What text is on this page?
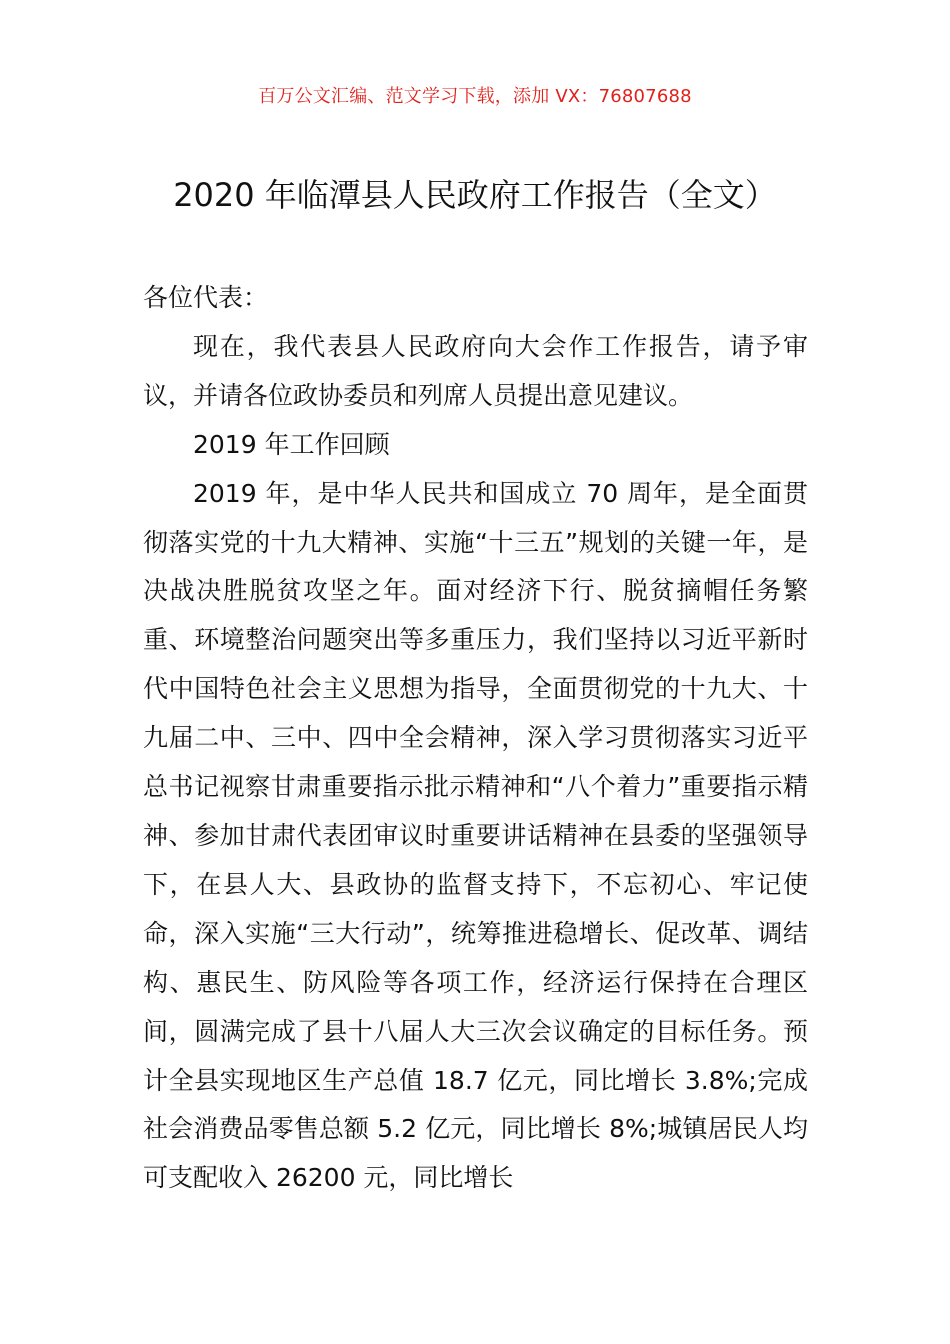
百万公文汇编、范文学习下载，添加 VX：76807688
2020 年临潭县人民政府工作报告（全文）

各位代表：

现在，我代表县人民政府向大会作工作报告，请予审议，并请各位政协委员和列席人员提出意见建议。

2019 年工作回顾

2019 年，是中华人民共和国成立 70 周年，是全面贯彻落实党的十九大精神、实施“十三五”规划的关键一年，是决战决胜脱贫攻坚之年。面对经济下行、脱贫摘帽任务繁重、环境整治问题突出等多重压力，我们坚持以习近平新时代中国特色社会主义思想为指导，全面贯彻党的十九大、十九届二中、三中、四中全会精神，深入学习贯彻落实习近平总书记视察甘肃重要指示批示精神和“八个着力”重要指示精神、参加甘肃代表团审议时重要讲话精神在县委的坚强领导下，在县人大、县政协的监督支持下，不忘初心、牢记使命，深入实施“三大行动”，统筹推进稳增长、促改革、调结构、惠民生、防风险等各项工作，经济运行保持在合理区间，圆满完成了县十八届人大三次会议确定的目标任务。预计全县实现地区生产总值 18.7 亿元，同比增长 3.8%;完成社会消费品零售总额 5.2 亿元，同比增长 8%;城镇居民人均可支配收入 26200 元，同比增长
